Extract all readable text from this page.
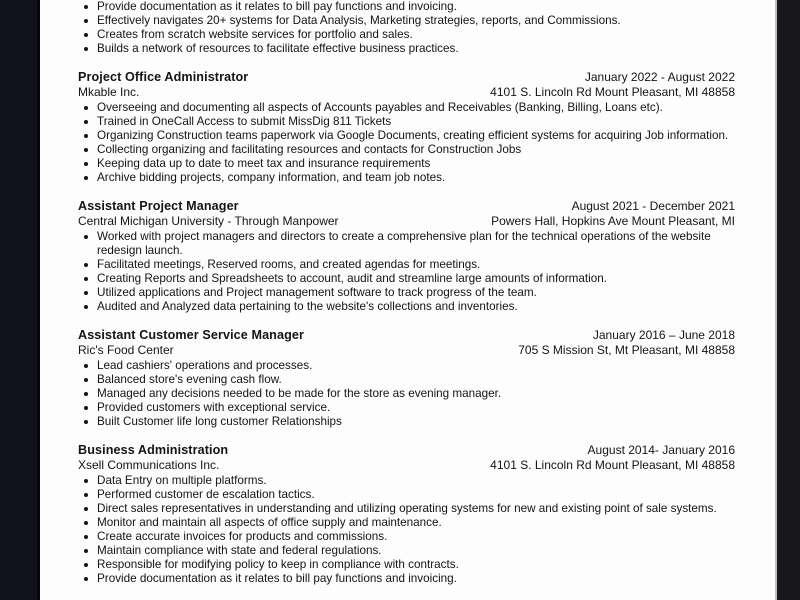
Provide documentation as it relates to bill pay functions and invoicing.
Effectively navigates 20+ systems for Data Analysis, Marketing strategies, reports, and Commissions.
Creates from scratch website services for portfolio and sales.
Builds a network of resources to facilitate effective business practices.
Project Office Administrator	January 2022 - August 2022
Mkable Inc.	4101 S. Lincoln Rd Mount Pleasant, MI 48858
Overseeing and documenting all aspects of Accounts payables and Receivables (Banking, Billing, Loans etc).
Trained in OneCall Access to submit MissDig 811 Tickets
Organizing Construction teams paperwork via Google Documents, creating efficient systems for acquiring Job information.
Collecting organizing and facilitating resources and contacts for Construction Jobs
Keeping data up to date to meet tax and insurance requirements
Archive bidding projects, company information, and team job notes.
Assistant Project Manager	August 2021 - December 2021
Central Michigan University - Through Manpower	Powers Hall, Hopkins Ave Mount Pleasant, MI
Worked with project managers and directors to create a comprehensive plan for the technical operations of the website redesign launch.
Facilitated meetings, Reserved rooms, and created agendas for meetings.
Creating Reports and Spreadsheets to account, audit and streamline large amounts of information.
Utilized applications and Project management software to track progress of the team.
Audited and Analyzed data pertaining to the website's collections and inventories.
Assistant Customer Service Manager	January 2016 – June 2018
Ric's Food Center	705 S Mission St, Mt Pleasant, MI 48858
Lead cashiers' operations and processes.
Balanced store's evening cash flow.
Managed any decisions needed to be made for the store as evening manager.
Provided customers with exceptional service.
Built Customer life long customer Relationships
Business Administration	August 2014- January 2016
Xsell Communications Inc.	4101 S. Lincoln Rd Mount Pleasant, MI 48858
Data Entry on multiple platforms.
Performed customer de escalation tactics.
Direct sales representatives in understanding and utilizing operating systems for new and existing point of sale systems.
Monitor and maintain all aspects of office supply and maintenance.
Create accurate invoices for products and commissions.
Maintain compliance with state and federal regulations.
Responsible for modifying policy to keep in compliance with contracts.
Provide documentation as it relates to bill pay functions and invoicing.
